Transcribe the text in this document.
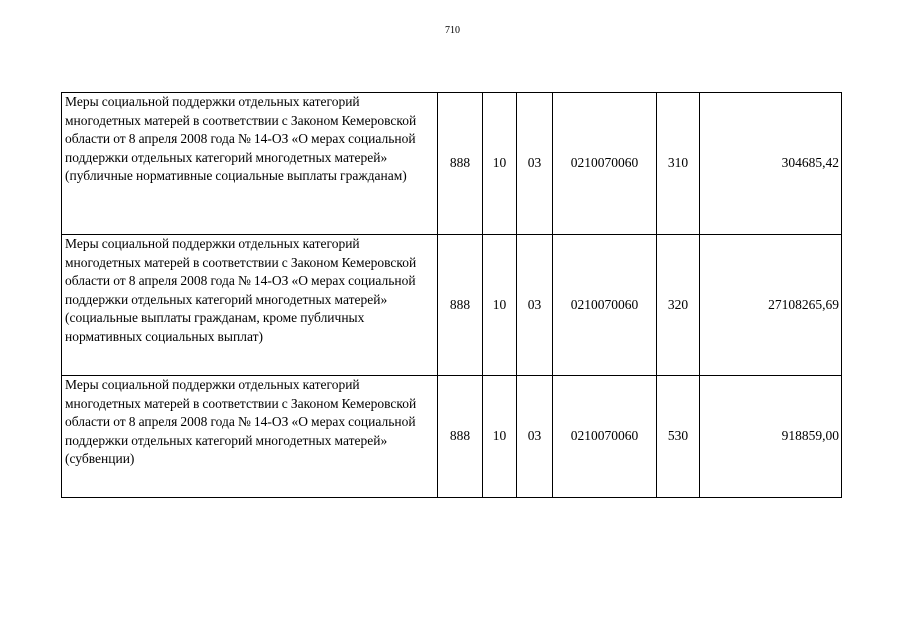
710
Меры социальной поддержки отдельных категорий многодетных матерей в соответствии с Законом Кемеровской области от 8 апреля 2008 года № 14-ОЗ «О мерах социальной поддержки отдельных категорий многодетных матерей» (публичные нормативные социальные выплаты гражданам)	888	10	03	0210070060	310	304685,42
Меры социальной поддержки отдельных категорий многодетных матерей в соответствии с Законом Кемеровской области от 8 апреля 2008 года № 14-ОЗ «О мерах социальной поддержки отдельных категорий многодетных матерей» (социальные выплаты гражданам, кроме публичных нормативных социальных выплат)	888	10	03	0210070060	320	27108265,69
Меры социальной поддержки отдельных категорий многодетных матерей в соответствии с Законом Кемеровской области от 8 апреля 2008 года № 14-ОЗ «О мерах социальной поддержки отдельных категорий многодетных матерей» (субвенции)	888	10	03	0210070060	530	918859,00
